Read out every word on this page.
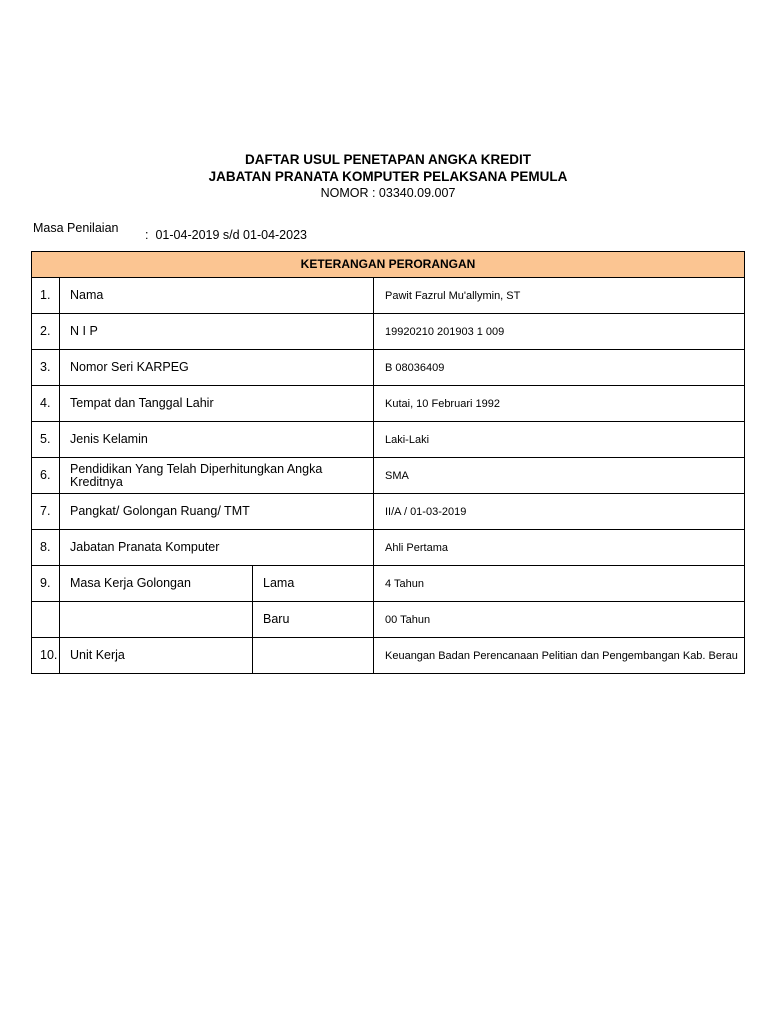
DAFTAR USUL PENETAPAN ANGKA KREDIT
JABATAN PRANATA KOMPUTER PELAKSANA PEMULA
NOMOR : 03340.09.007
Masa Penilaian : 01-04-2019 s/d 01-04-2023
KETERANGAN PERORANGAN			
1.	Nama		Pawit Fazrul Mu'allymin, ST
2.	N I P		19920210 201903 1 009
3.	Nomor Seri KARPEG		B 08036409
4.	Tempat dan Tanggal Lahir		Kutai, 10 Februari 1992
5.	Jenis Kelamin		Laki-Laki
6.	Pendidikan Yang Telah Diperhitungkan Angka Kreditnya		SMA
7.	Pangkat/ Golongan Ruang/ TMT		II/A / 01-03-2019
8.	Jabatan Pranata Komputer		Ahli Pertama
9.	Masa Kerja Golongan	Lama	4 Tahun
		Baru	00 Tahun
10.	Unit Kerja		Keuangan Badan Perencanaan Pelitian dan Pengembangan Kab. Berau
